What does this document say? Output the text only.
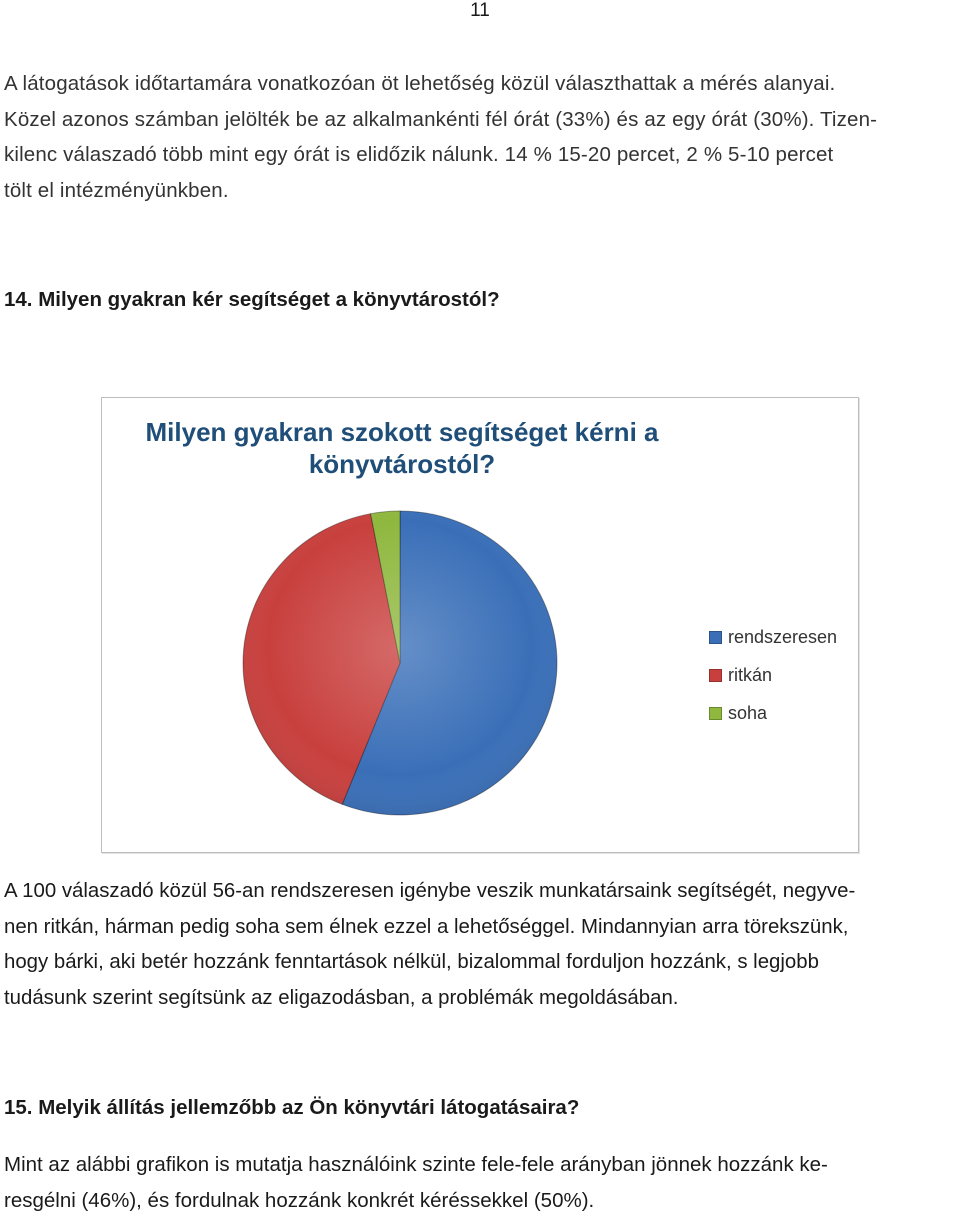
11

A látogatások időtartamára vonatkozóan öt lehetőség közül választhattak a mérés alanyai.
Közel azonos számban jelölték be az alkalmankénti fél órát (33%) és az egy órát (30%). Tizen-
kilenc válaszadó több mint egy órát is elidőzik nálunk. 14 % 15-20 percet, 2 % 5-10 percet
tölt el intézményünkben.

14. Milyen gyakran kér segítséget a könyvtárostól?
Milyen gyakran szokott segítséget kérni a
könyvtárostól?
rendszeresen
ritkán
soha

A 100 válaszadó közül 56-an rendszeresen igénybe veszik munkatársaink segítségét, negyve-
nen ritkán, hárman pedig soha sem élnek ezzel a lehetőséggel. Mindannyian arra törekszünk,
hogy bárki, aki betér hozzánk fenntartások nélkül, bizalommal forduljon hozzánk, s legjobb
tudásunk szerint segítsünk az eligazodásban, a problémák megoldásában.

15. Melyik állítás jellemzőbb az Ön könyvtári látogatásaira?

Mint az alábbi grafikon is mutatja használóink szinte fele-fele arányban jönnek hozzánk ke-
resgélni (46%), és fordulnak hozzánk konkrét kéréssekkel (50%).
